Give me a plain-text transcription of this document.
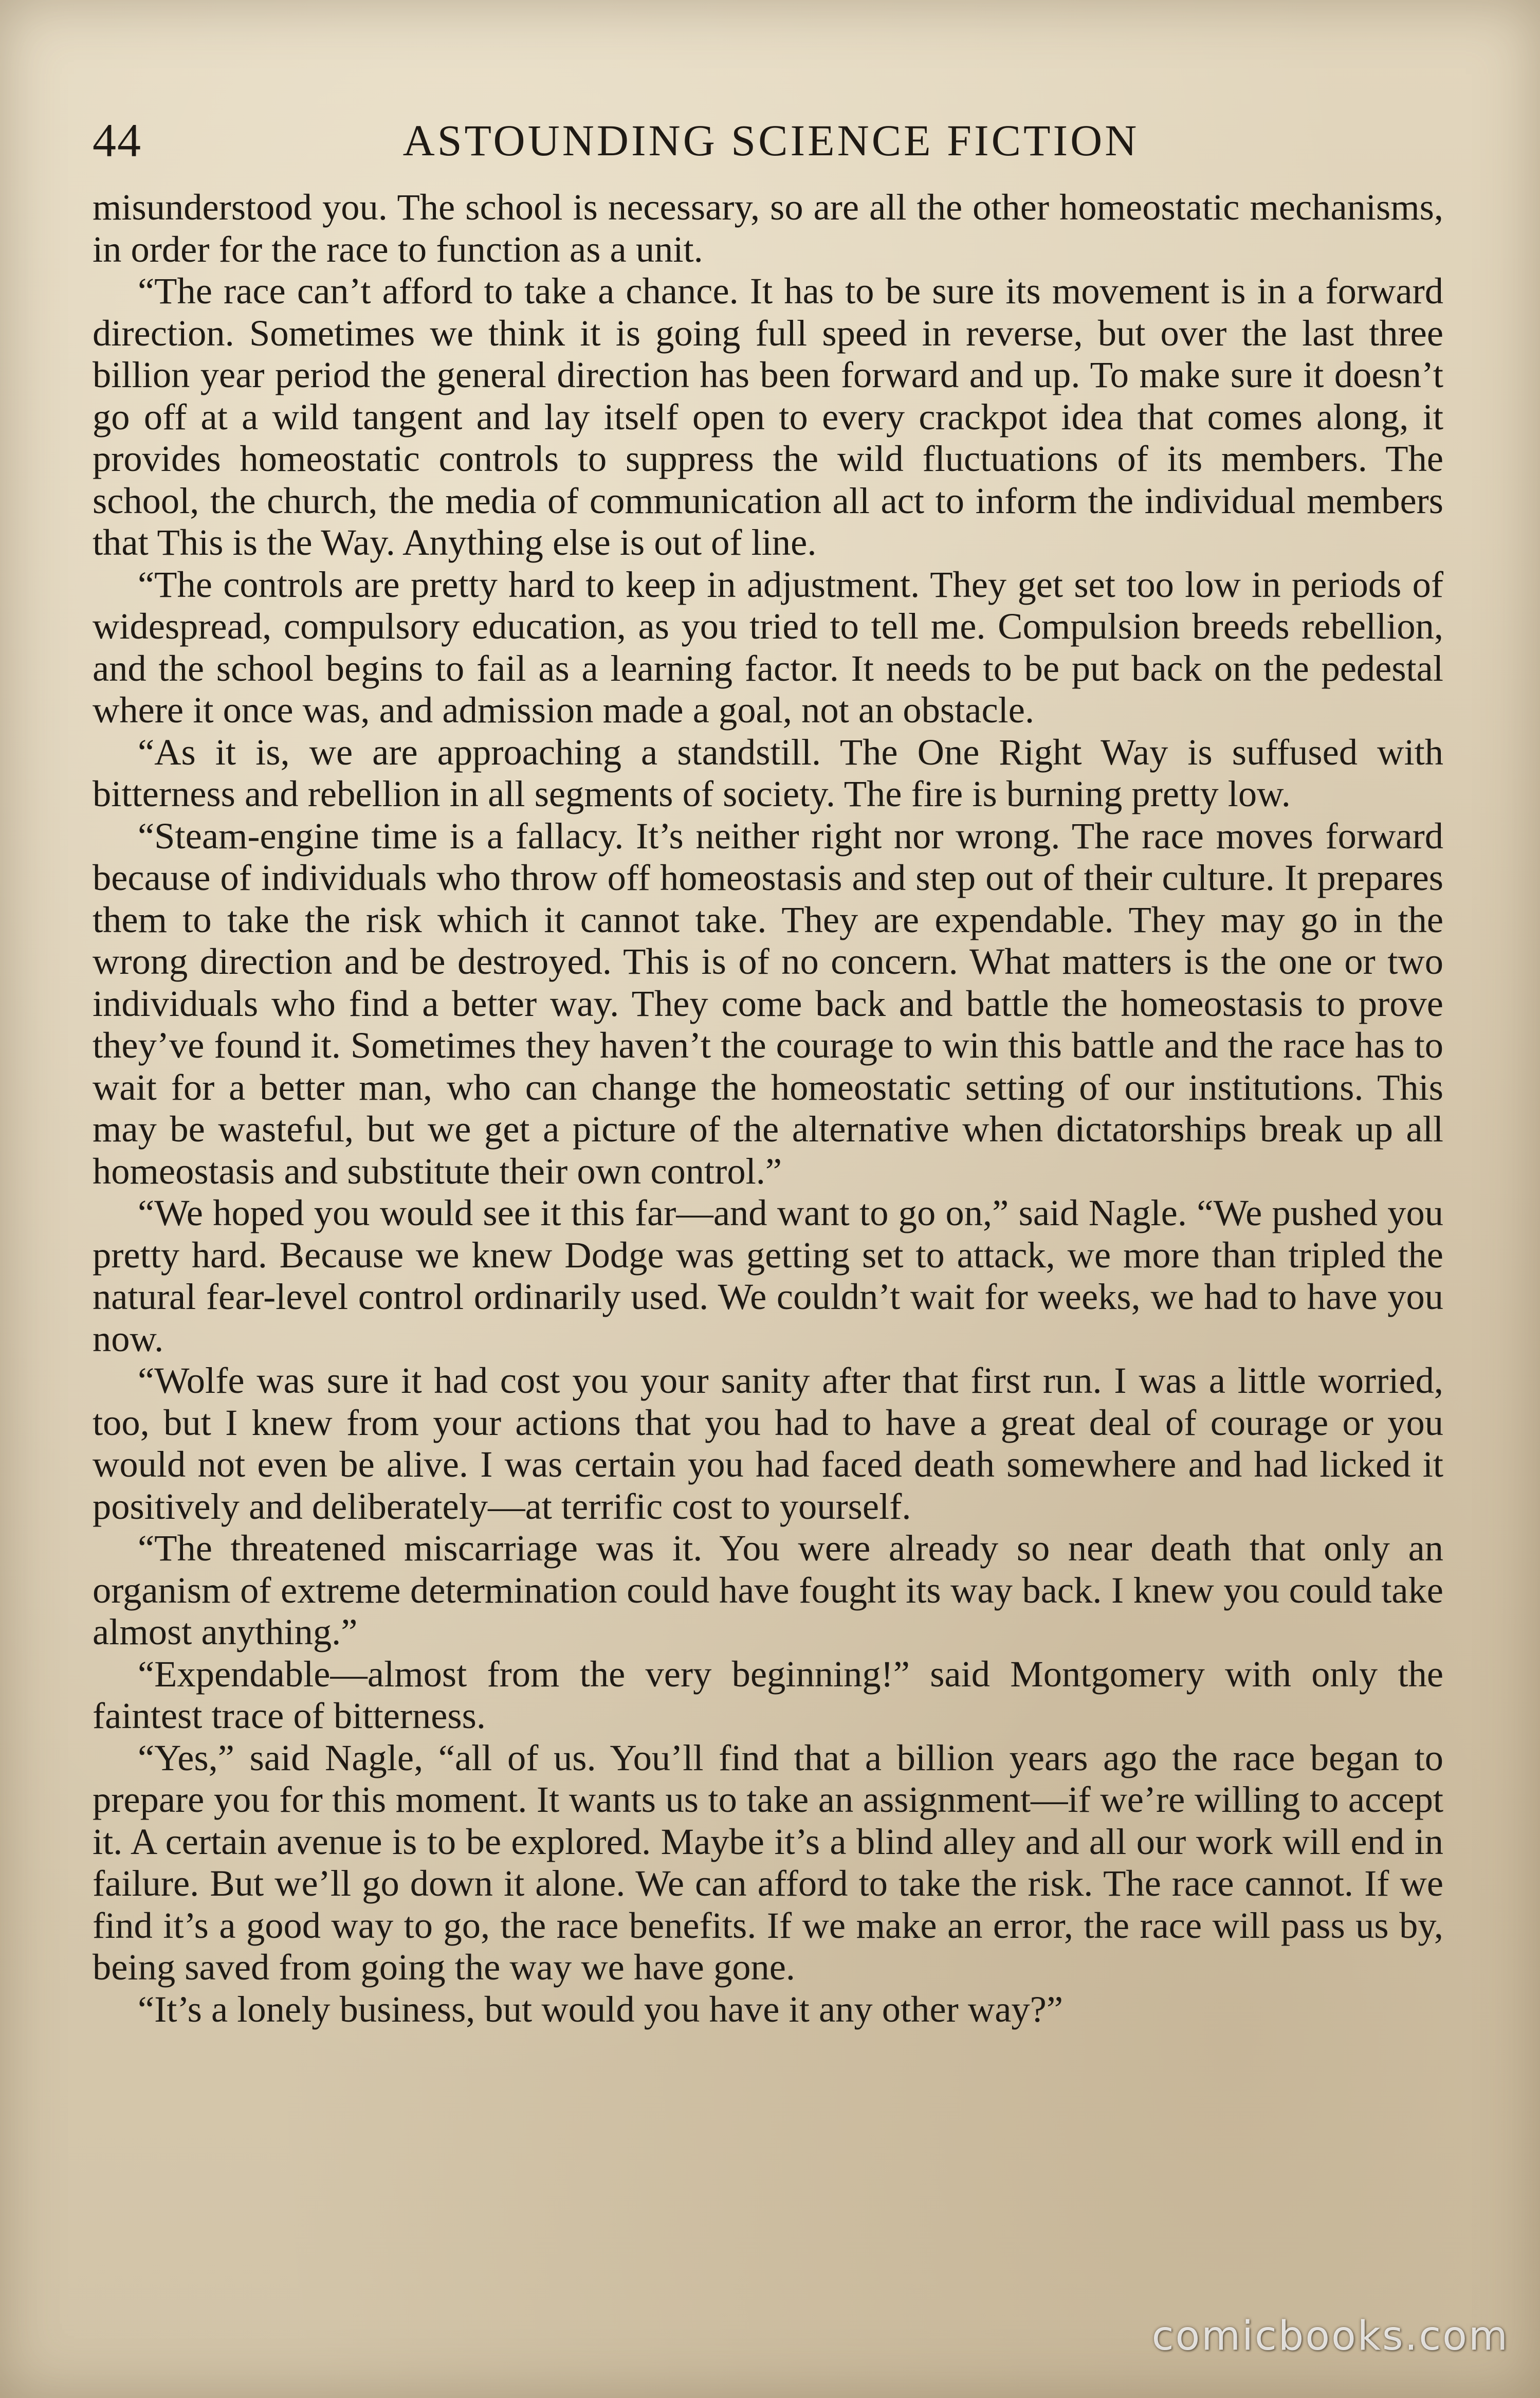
44	ASTOUNDING SCIENCE FICTION

misunderstood you. The school is necessary, so are all the other homeostatic mechanisms, in order for the race to function as a unit.

“The race can’t afford to take a chance. It has to be sure its movement is in a forward direction. Sometimes we think it is going full speed in reverse, but over the last three billion year period the general direction has been forward and up. To make sure it doesn’t go off at a wild tangent and lay itself open to every crackpot idea that comes along, it provides homeostatic controls to suppress the wild fluctuations of its members. The school, the church, the media of communication all act to inform the individual members that This is the Way. Anything else is out of line.

“The controls are pretty hard to keep in adjustment. They get set too low in periods of widespread, compulsory education, as you tried to tell me. Compulsion breeds rebellion, and the school begins to fail as a learning factor. It needs to be put back on the pedestal where it once was, and admission made a goal, not an obstacle.

“As it is, we are approaching a standstill. The One Right Way is suffused with bitterness and rebellion in all segments of society. The fire is burning pretty low.

“Steam-engine time is a fallacy. It’s neither right nor wrong. The race moves forward because of individuals who throw off homeostasis and step out of their culture. It prepares them to take the risk which it cannot take. They are expendable. They may go in the wrong direction and be destroyed. This is of no concern. What matters is the one or two individuals who find a better way. They come back and battle the homeostasis to prove they’ve found it. Sometimes they haven’t the courage to win this battle and the race has to wait for a better man, who can change the homeostatic setting of our institutions. This may be wasteful, but we get a picture of the alternative when dictatorships break up all homeostasis and substitute their own control.”

“We hoped you would see it this far—and want to go on,” said Nagle. “We pushed you pretty hard. Because we knew Dodge was getting set to attack, we more than tripled the natural fear-level control ordinarily used. We couldn’t wait for weeks, we had to have you now.

“Wolfe was sure it had cost you your sanity after that first run. I was a little worried, too, but I knew from your actions that you had to have a great deal of courage or you would not even be alive. I was certain you had faced death somewhere and had licked it positively and deliberately—at terrific cost to yourself.

“The threatened miscarriage was it. You were already so near death that only an organism of extreme determination could have fought its way back. I knew you could take almost anything.”

“Expendable—almost from the very beginning!” said Montgomery with only the faintest trace of bitterness.

“Yes,” said Nagle, “all of us. You’ll find that a billion years ago the race began to prepare you for this moment. It wants us to take an assignment—if we’re willing to accept it. A certain avenue is to be explored. Maybe it’s a blind alley and all our work will end in failure. But we’ll go down it alone. We can afford to take the risk. The race cannot. If we find it’s a good way to go, the race benefits. If we make an error, the race will pass us by, being saved from going the way we have gone.

“It’s a lonely business, but would you have it any other way?”

comicbooks.com
